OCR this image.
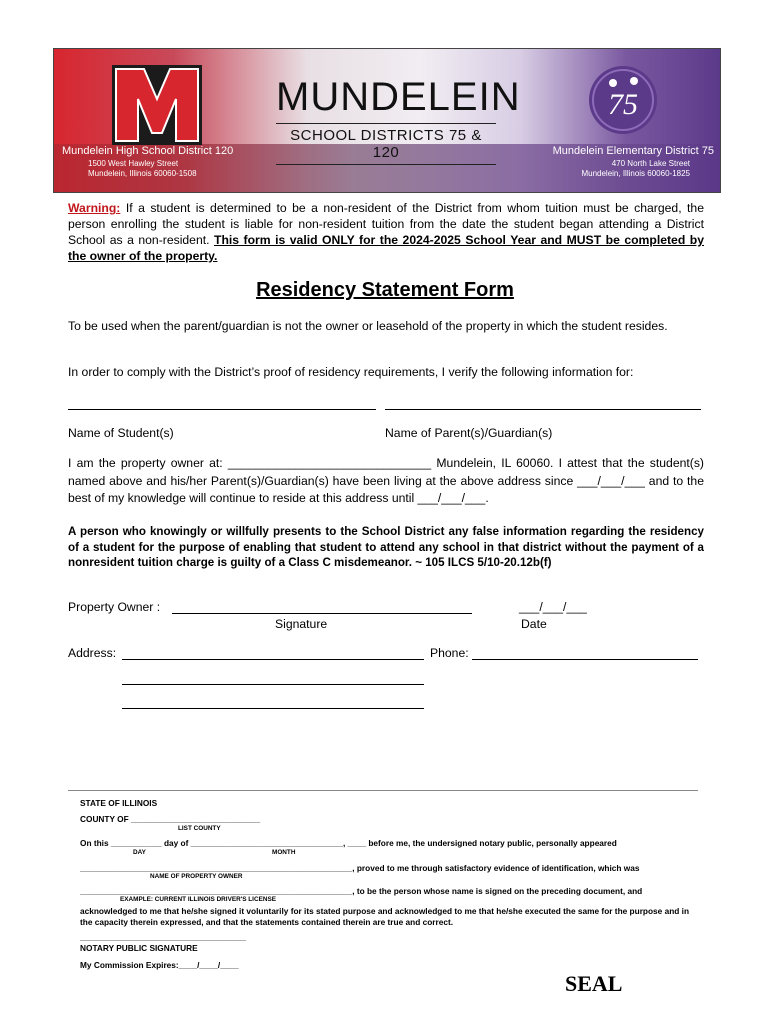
M	MUNDELEIN
SCHOOL DISTRICTS 75 & 120
Mundelein High School District 120
1500 West Hawley Street
Mundelein, Illinois 60060-1508
75
Mundelein Elementary District 75
470 North Lake Street
Mundelein, Illinois 60060-1825
Warning: If a student is determined to be a non-resident of the District from whom tuition must be charged, the person enrolling the student is liable for non-resident tuition from the date the student began attending a District School as a non-resident. This form is valid ONLY for the 2024-2025 School Year and MUST be completed by the owner of the property.
Residency Statement Form
To be used when the parent/guardian is not the owner or leasehold of the property in which the student resides.
In order to comply with the District’s proof of residency requirements, I verify the following information for:
Name of Student(s)	Name of Parent(s)/Guardian(s)
I am the property owner at: ______________________________ Mundelein, IL 60060. I attest that the student(s) named above and his/her Parent(s)/Guardian(s) have been living at the above address since ___/___/___ and to the best of my knowledge will continue to reside at this address until ___/___/___.
A person who knowingly or willfully presents to the School District any false information regarding the residency of a student for the purpose of enabling that student to attend any school in that district without the payment of a nonresident tuition charge is guilty of a Class C misdemeanor. ~ 105 ILCS 5/10-20.12b(f)
Property Owner :
Signature
___/___/___
Date
Address:	Phone:
STATE OF ILLINOIS
COUNTY OF ____________________________
LIST COUNTY
On this ___________ day of _________________________________, ____ before me, the undersigned notary public, personally appeared
DAY	MONTH
___________________________________________________________, proved to me through satisfactory evidence of identification, which was
NAME OF PROPERTY OWNER
___________________________________________________________, to be the person whose name is signed on the preceding document, and
EXAMPLE: CURRENT ILLINOIS DRIVER'S LICENSE
acknowledged to me that he/she signed it voluntarily for its stated purpose and acknowledged to me that he/she executed the same for the purpose and in the capacity therein expressed, and that the statements contained therein are true and correct.
____________________________________
NOTARY PUBLIC SIGNATURE
My Commission Expires:____/____/____
SEAL
